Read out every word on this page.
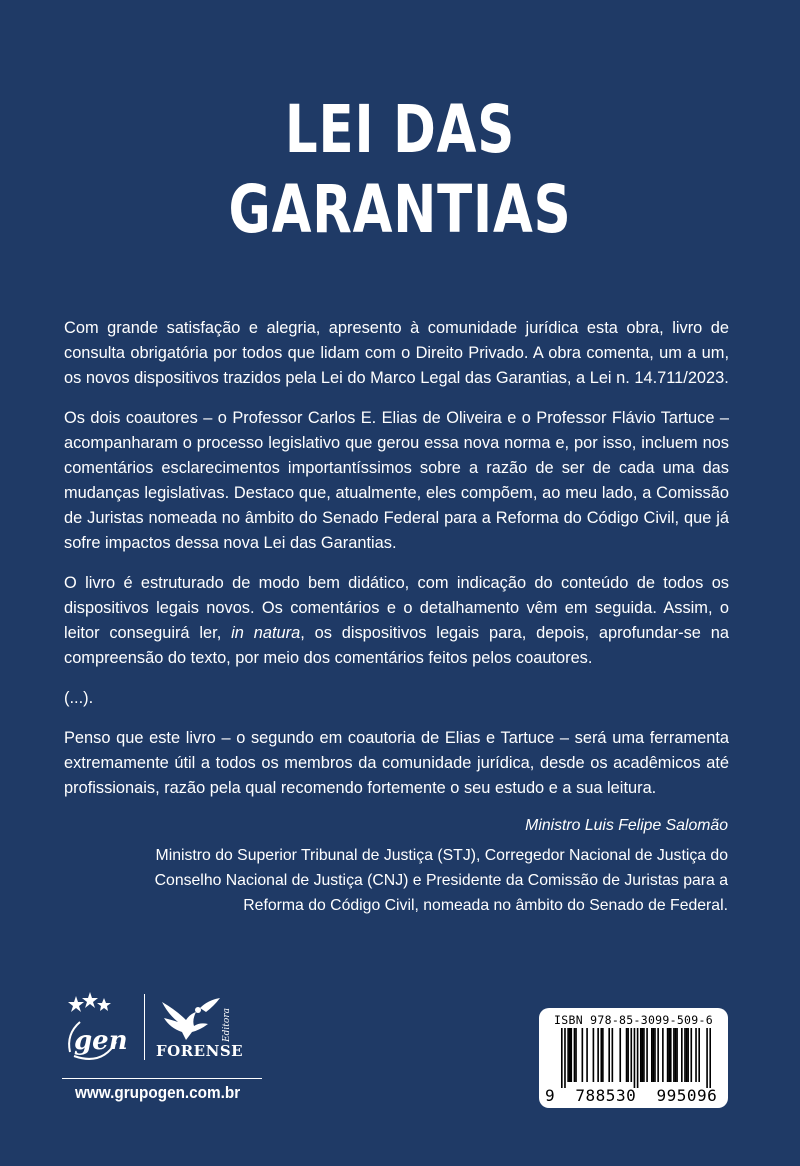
LEI DAS
GARANTIAS

Com grande satisfação e alegria, apresento à comunidade jurídica esta obra, livro de consulta obrigatória por todos que lidam com o Direito Privado. A obra comenta, um a um, os novos dispositivos trazidos pela Lei do Marco Legal das Garantias, a Lei n. 14.711/2023.

Os dois coautores – o Professor Carlos E. Elias de Oliveira e o Professor Flávio Tartuce – acompanharam o processo legislativo que gerou essa nova norma e, por isso, incluem nos comentários esclarecimentos importantíssimos sobre a razão de ser de cada uma das mudanças legislativas. Destaco que, atualmente, eles compõem, ao meu lado, a Comissão de Juristas nomeada no âmbito do Senado Federal para a Reforma do Código Civil, que já sofre impactos dessa nova Lei das Garantias.

O livro é estruturado de modo bem didático, com indicação do conteúdo de todos os dispositivos legais novos. Os comentários e o detalhamento vêm em seguida. Assim, o leitor conseguirá ler, in natura, os dispositivos legais para, depois, aprofundar-se na compreensão do texto, por meio dos comentários feitos pelos coautores.

(...).

Penso que este livro – o segundo em coautoria de Elias e Tartuce – será uma ferramenta extremamente útil a todos os membros da comunidade jurídica, desde os acadêmicos até profissionais, razão pela qual recomendo fortemente o seu estudo e a sua leitura.

Ministro Luis Felipe Salomão
Ministro do Superior Tribunal de Justiça (STJ), Corregedor Nacional de Justiça do Conselho Nacional de Justiça (CNJ) e Presidente da Comissão de Juristas para a Reforma do Código Civil, nomeada no âmbito do Senado de Federal.
gen	Editora
FORENSE
www.grupogen.com.br
ISBN 978-85-3099-509-6
9 788530 995096
